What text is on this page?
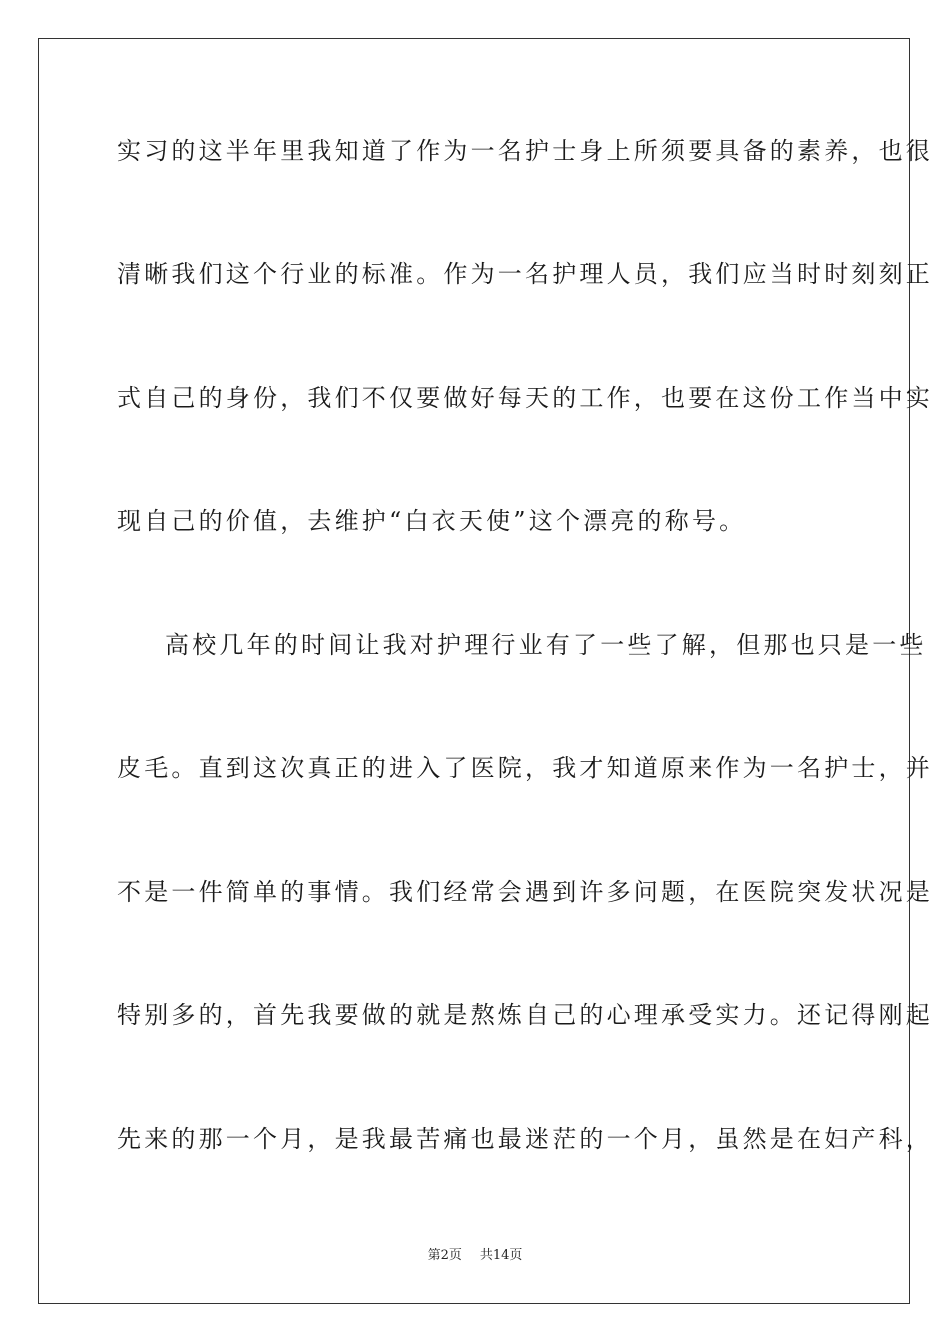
实习的这半年里我知道了作为一名护士身上所须要具备的素养，也很
清晰我们这个行业的标准。作为一名护理人员，我们应当时时刻刻正
式自己的身份，我们不仅要做好每天的工作，也要在这份工作当中实
现自己的价值，去维护“白衣天使”这个漂亮的称号。
高校几年的时间让我对护理行业有了一些了解，但那也只是一些
皮毛。直到这次真正的进入了医院，我才知道原来作为一名护士，并
不是一件简单的事情。我们经常会遇到许多问题，在医院突发状况是
特别多的，首先我要做的就是熬炼自己的心理承受实力。还记得刚起
先来的那一个月，是我最苦痛也最迷茫的一个月，虽然是在妇产科，
第2页 共14页
